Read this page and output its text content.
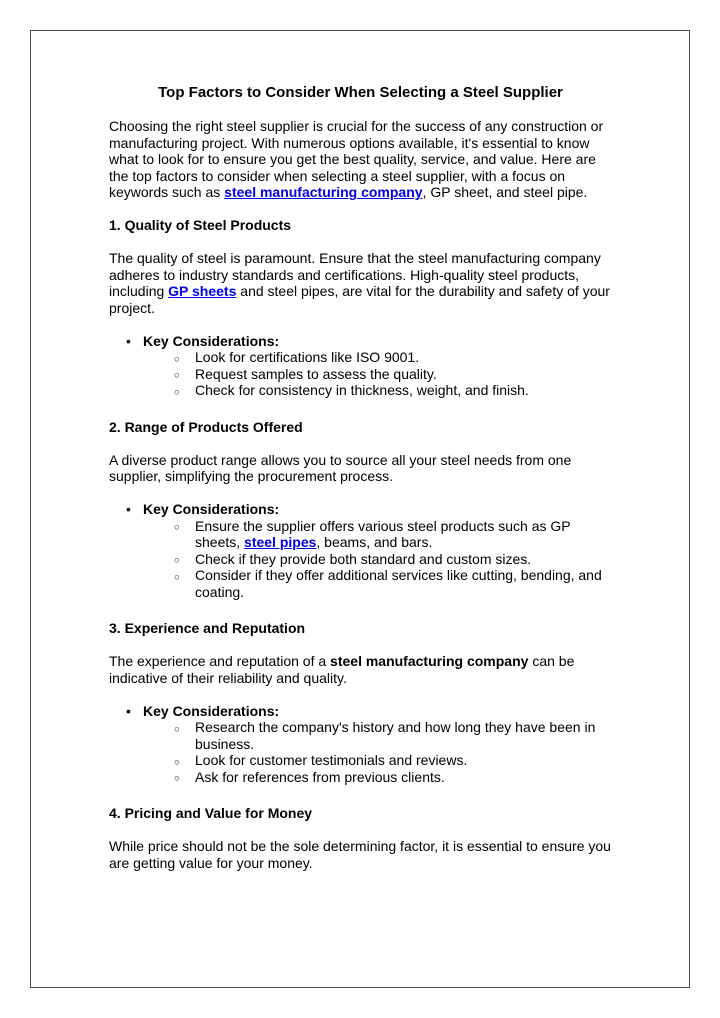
Top Factors to Consider When Selecting a Steel Supplier

Choosing the right steel supplier is crucial for the success of any construction or manufacturing project. With numerous options available, it's essential to know what to look for to ensure you get the best quality, service, and value. Here are the top factors to consider when selecting a steel supplier, with a focus on keywords such as steel manufacturing company, GP sheet, and steel pipe.

1. Quality of Steel Products

The quality of steel is paramount. Ensure that the steel manufacturing company adheres to industry standards and certifications. High-quality steel products, including GP sheets and steel pipes, are vital for the durability and safety of your project.

• Key Considerations:
○ Look for certifications like ISO 9001.
○ Request samples to assess the quality.
○ Check for consistency in thickness, weight, and finish.
2. Range of Products Offered

A diverse product range allows you to source all your steel needs from one supplier, simplifying the procurement process.

• Key Considerations:
○ Ensure the supplier offers various steel products such as GP sheets, steel pipes, beams, and bars.
○ Check if they provide both standard and custom sizes.
○ Consider if they offer additional services like cutting, bending, and coating.
3. Experience and Reputation

The experience and reputation of a steel manufacturing company can be indicative of their reliability and quality.

• Key Considerations:
○ Research the company's history and how long they have been in business.
○ Look for customer testimonials and reviews.
○ Ask for references from previous clients.
4. Pricing and Value for Money

While price should not be the sole determining factor, it is essential to ensure you are getting value for your money.
